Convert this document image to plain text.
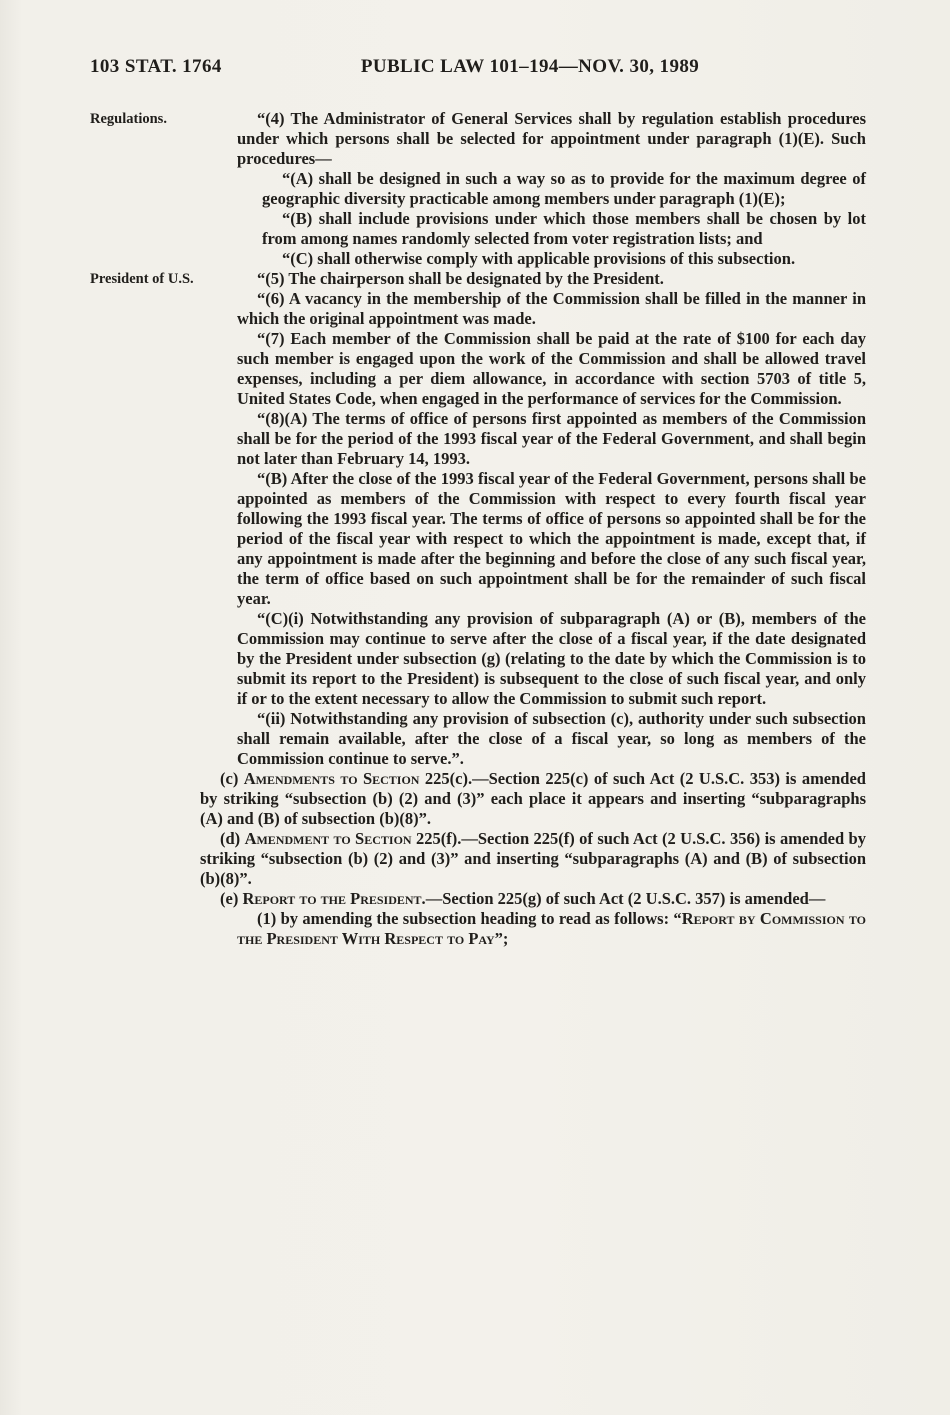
103 STAT. 1764	PUBLIC LAW 101–194—NOV. 30, 1989

Regulations.	“(4) The Administrator of General Services shall by regulation establish procedures under which persons shall be selected for appointment under paragraph (1)(E). Such procedures—

“(A) shall be designed in such a way so as to provide for the maximum degree of geographic diversity practicable among members under paragraph (1)(E);

“(B) shall include provisions under which those members shall be chosen by lot from among names randomly selected from voter registration lists; and

“(C) shall otherwise comply with applicable provisions of this subsection.

President of U.S.	“(5) The chairperson shall be designated by the President.

“(6) A vacancy in the membership of the Commission shall be filled in the manner in which the original appointment was made.

“(7) Each member of the Commission shall be paid at the rate of $100 for each day such member is engaged upon the work of the Commission and shall be allowed travel expenses, including a per diem allowance, in accordance with section 5703 of title 5, United States Code, when engaged in the performance of services for the Commission.

“(8)(A) The terms of office of persons first appointed as members of the Commission shall be for the period of the 1993 fiscal year of the Federal Government, and shall begin not later than February 14, 1993.

“(B) After the close of the 1993 fiscal year of the Federal Government, persons shall be appointed as members of the Commission with respect to every fourth fiscal year following the 1993 fiscal year. The terms of office of persons so appointed shall be for the period of the fiscal year with respect to which the appointment is made, except that, if any appointment is made after the beginning and before the close of any such fiscal year, the term of office based on such appointment shall be for the remainder of such fiscal year.

“(C)(i) Notwithstanding any provision of subparagraph (A) or (B), members of the Commission may continue to serve after the close of a fiscal year, if the date designated by the President under subsection (g) (relating to the date by which the Commission is to submit its report to the President) is subsequent to the close of such fiscal year, and only if or to the extent necessary to allow the Commission to submit such report.

“(ii) Notwithstanding any provision of subsection (c), authority under such subsection shall remain available, after the close of a fiscal year, so long as members of the Commission continue to serve.”.

(c) Amendments to Section 225(c).—Section 225(c) of such Act (2 U.S.C. 353) is amended by striking “subsection (b) (2) and (3)” each place it appears and inserting “subparagraphs (A) and (B) of subsection (b)(8)”.

(d) Amendment to Section 225(f).—Section 225(f) of such Act (2 U.S.C. 356) is amended by striking “subsection (b) (2) and (3)” and inserting “subparagraphs (A) and (B) of subsection (b)(8)”.

(e) Report to the President.—Section 225(g) of such Act (2 U.S.C. 357) is amended—

(1) by amending the subsection heading to read as follows: “Report by Commission to the President With Respect to Pay”;
